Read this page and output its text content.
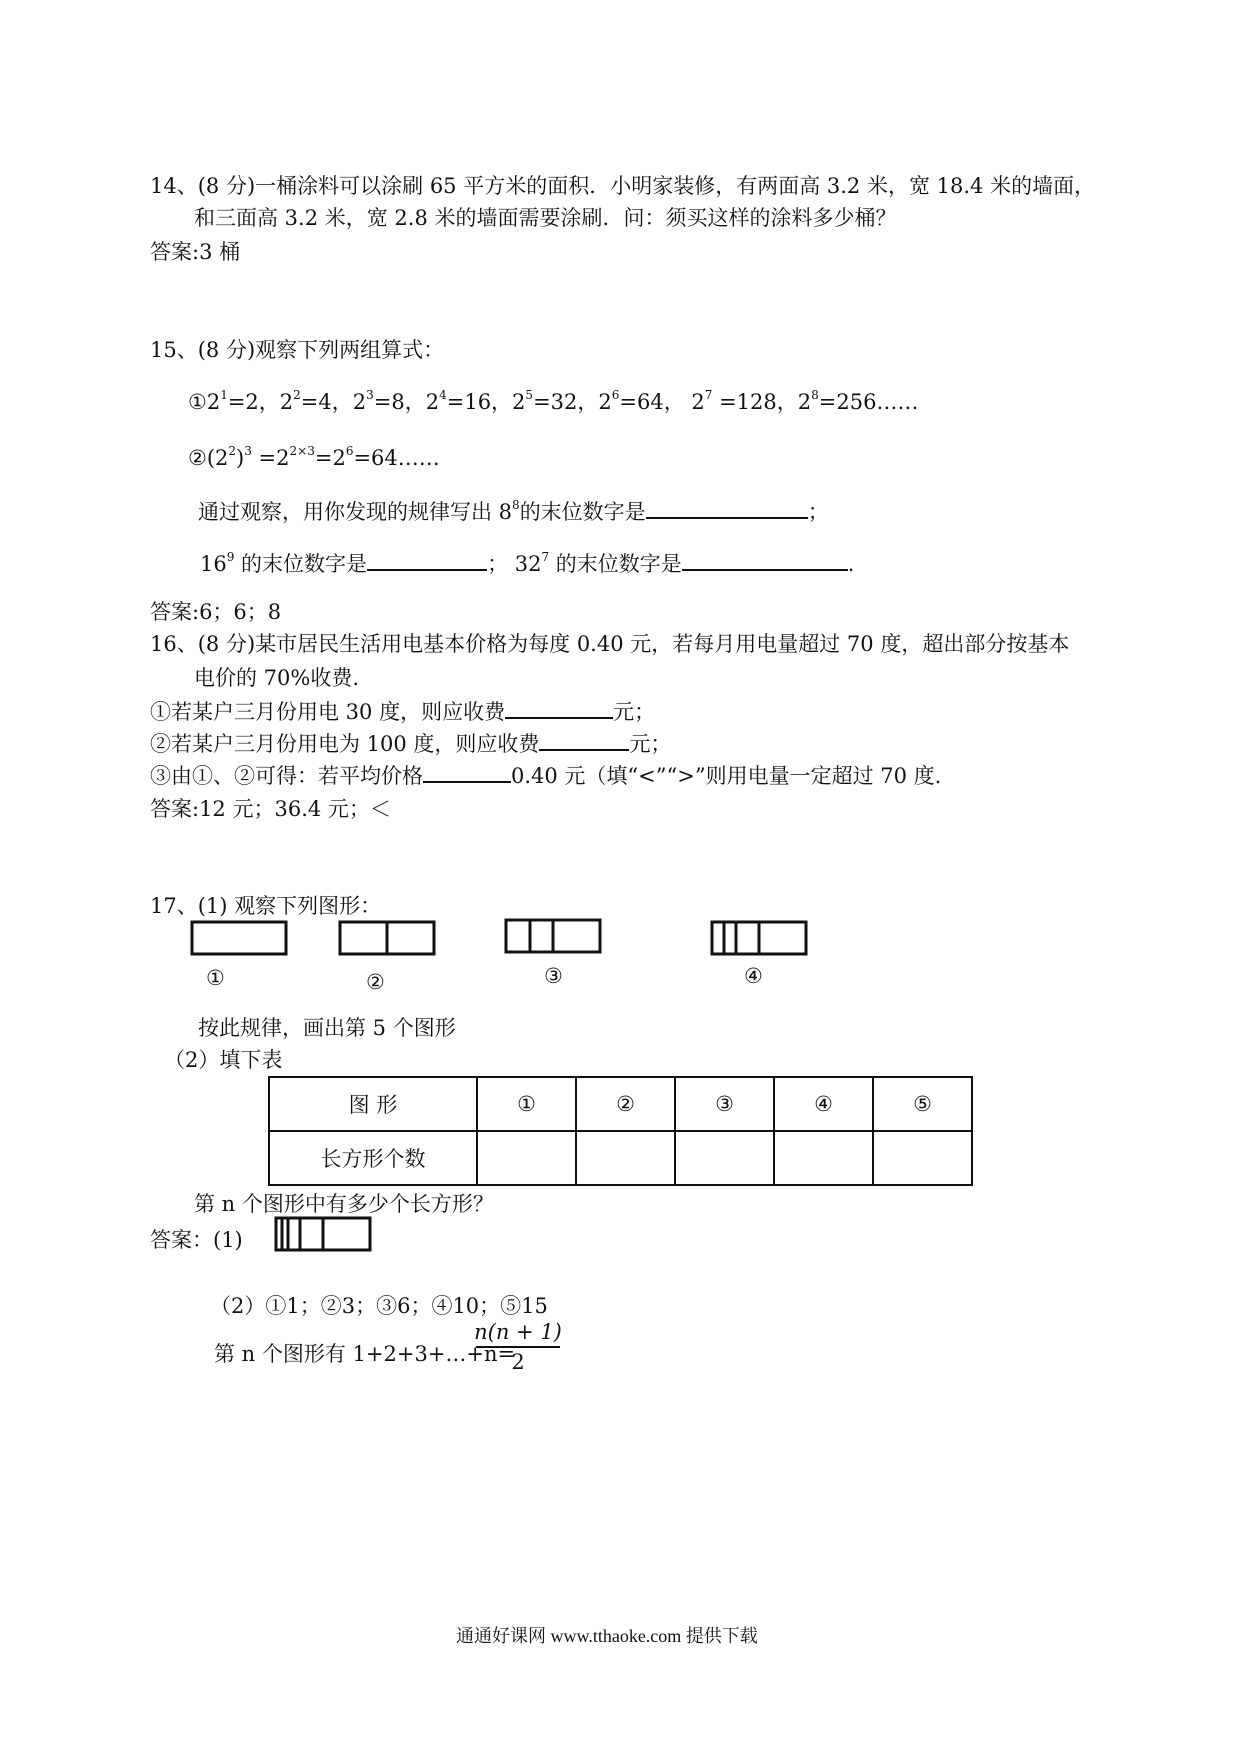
14、(8 分)一桶涂料可以涂刷 65 平方米的面积．小明家装修，有两面高 3.2 米，宽 18.4 米的墙面，
和三面高 3.2 米，宽 2.8 米的墙面需要涂刷．问：须买这样的涂料多少桶？
答案:3 桶
15、(8 分)观察下列两组算式：
$①2^1=2$，$2^2=4$，$2^3=8$，$2^4=16$，$2^5=32$，$2^6=64$， $2^7 =128$，$2^8=256\dots\dots$
$②(2^2)^3$ $=2^{2\times 3}=2^6=64\dots\dots$
通过观察，用你发现的规律写出 $8^8$的末位数字是	；
$16^9$ 的末位数字是	； $32^7$ 的末位数字是	.
答案:6；6；8
16、(8 分)某市居民生活用电基本价格为每度 0.40 元，若每月用电量超过 70 度，超出部分按基本
电价的 70%收费.
①若某户三月份用电 30 度，则应收费	元；
②若某户三月份用电为 100 度，则应收费	元；
③由①、②可得：若平均价格	0.40 元（填“<”“>”则用电量一定超过 70 度.
答案:12 元；36.4 元；＜
17、(1) 观察下列图形：
①	②	③	④
按此规律，画出第 5 个图形
（2）填下表
图 形	①	②	③	④	⑤
长方形个数					
第 n 个图形中有多少个长方形？
答案：(1)
（2）①1；②3；③6；④10；⑤15
第 n 个图形有 1+2+3+…+n=
n(n + 1)
2
通通好课网 www.tthaoke.com 提供下载
